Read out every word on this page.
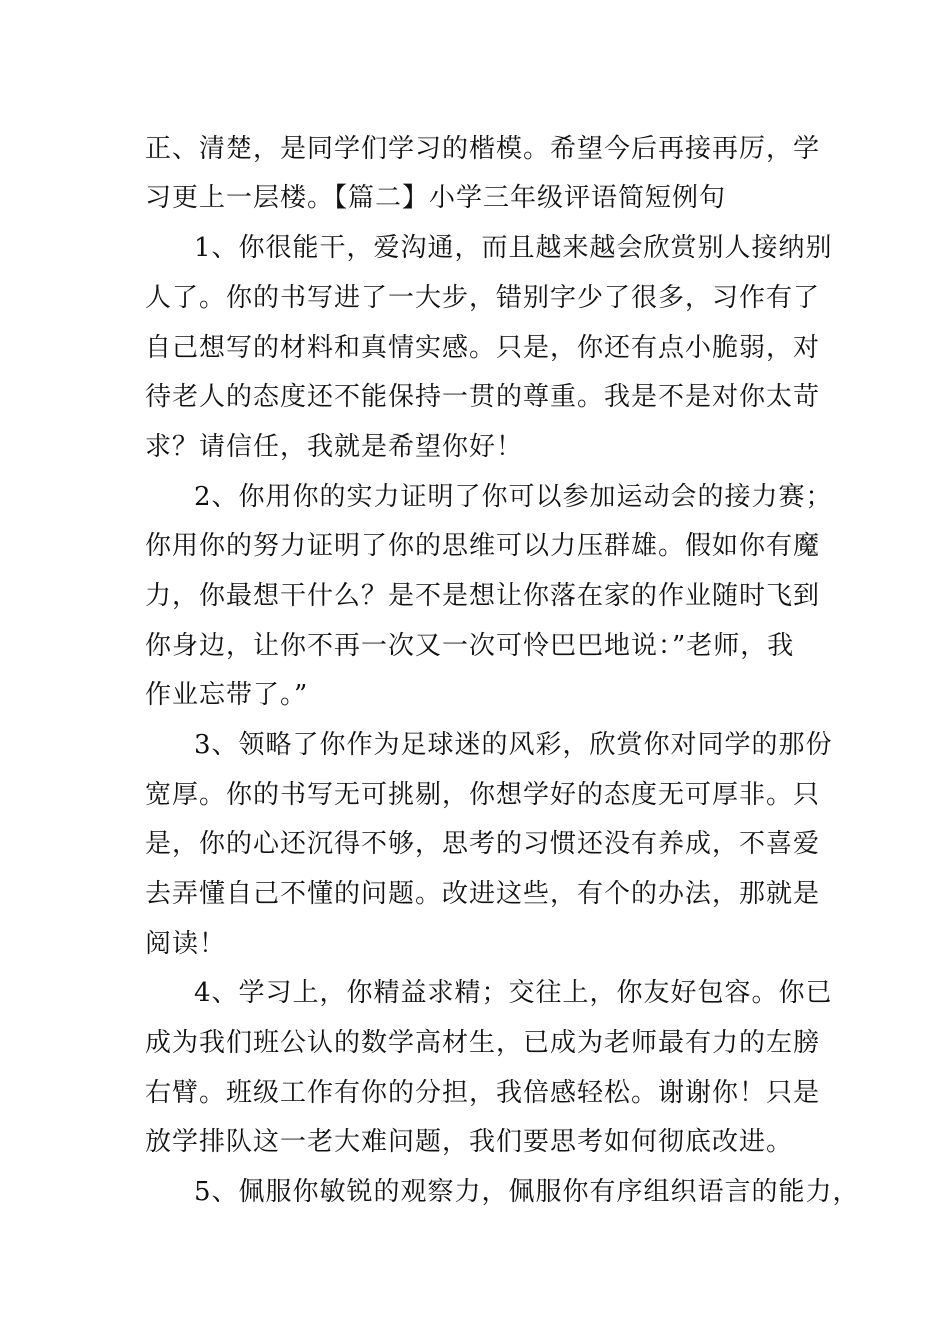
正、清楚，是同学们学习的楷模。希望今后再接再厉，学
习更上一层楼。【篇二】小学三年级评语简短例句
1、你很能干，爱沟通，而且越来越会欣赏别人接纳别
人了。你的书写进了一大步，错别字少了很多，习作有了
自己想写的材料和真情实感。只是，你还有点小脆弱，对
待老人的态度还不能保持一贯的尊重。我是不是对你太苛
求？请信任，我就是希望你好！
2、你用你的实力证明了你可以参加运动会的接力赛；
你用你的努力证明了你的思维可以力压群雄。假如你有魔
力，你最想干什么？是不是想让你落在家的作业随时飞到
你身边，让你不再一次又一次可怜巴巴地说：”老师，我
作业忘带了。”
3、领略了你作为足球迷的风彩，欣赏你对同学的那份
宽厚。你的书写无可挑剔，你想学好的态度无可厚非。只
是，你的心还沉得不够，思考的习惯还没有养成，不喜爱
去弄懂自己不懂的问题。改进这些，有个的办法，那就是
阅读！
4、学习上，你精益求精；交往上，你友好包容。你已
成为我们班公认的数学高材生，已成为老师最有力的左膀
右臂。班级工作有你的分担，我倍感轻松。谢谢你！只是
放学排队这一老大难问题，我们要思考如何彻底改进。
5、佩服你敏锐的观察力，佩服你有序组织语言的能力，
